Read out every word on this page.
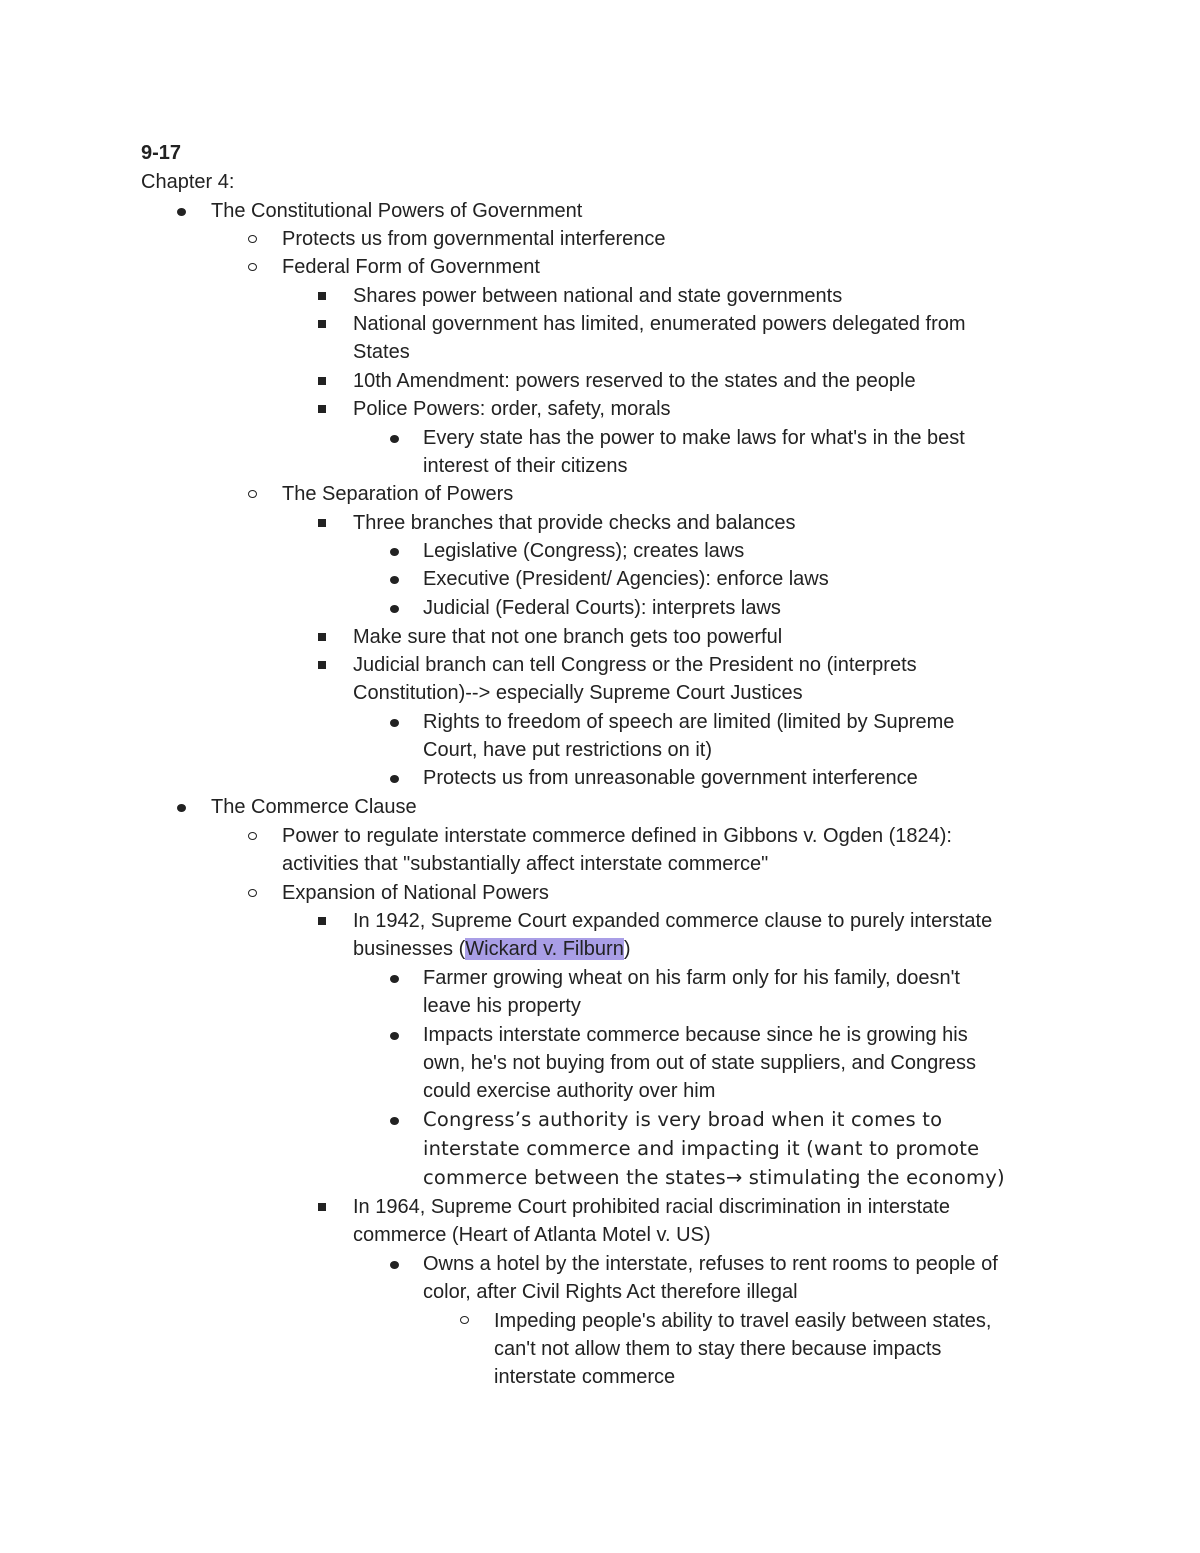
9-17
Chapter 4:
The Constitutional Powers of Government
Protects us from governmental interference
Federal Form of Government
Shares power between national and state governments
National government has limited, enumerated powers delegated from
States
10th Amendment: powers reserved to the states and the people
Police Powers: order, safety, morals
Every state has the power to make laws for what's in the best
interest of their citizens
The Separation of Powers
Three branches that provide checks and balances
Legislative (Congress); creates laws
Executive (President/ Agencies): enforce laws
Judicial (Federal Courts): interprets laws
Make sure that not one branch gets too powerful
Judicial branch can tell Congress or the President no (interprets
Constitution)--> especially Supreme Court Justices
Rights to freedom of speech are limited (limited by Supreme
Court, have put restrictions on it)
Protects us from unreasonable government interference
The Commerce Clause
Power to regulate interstate commerce defined in Gibbons v. Ogden (1824):
activities that "substantially affect interstate commerce"
Expansion of National Powers
In 1942, Supreme Court expanded commerce clause to purely interstate
businesses (Wickard v. Filburn)
Farmer growing wheat on his farm only for his family, doesn't
leave his property
Impacts interstate commerce because since he is growing his
own, he's not buying from out of state suppliers, and Congress
could exercise authority over him
Congress’s authority is very broad when it comes to
interstate commerce and impacting it (want to promote
commerce between the states→ stimulating the economy)
In 1964, Supreme Court prohibited racial discrimination in interstate
commerce (Heart of Atlanta Motel v. US)
Owns a hotel by the interstate, refuses to rent rooms to people of
color, after Civil Rights Act therefore illegal
Impeding people's ability to travel easily between states,
can't not allow them to stay there because impacts
interstate commerce
